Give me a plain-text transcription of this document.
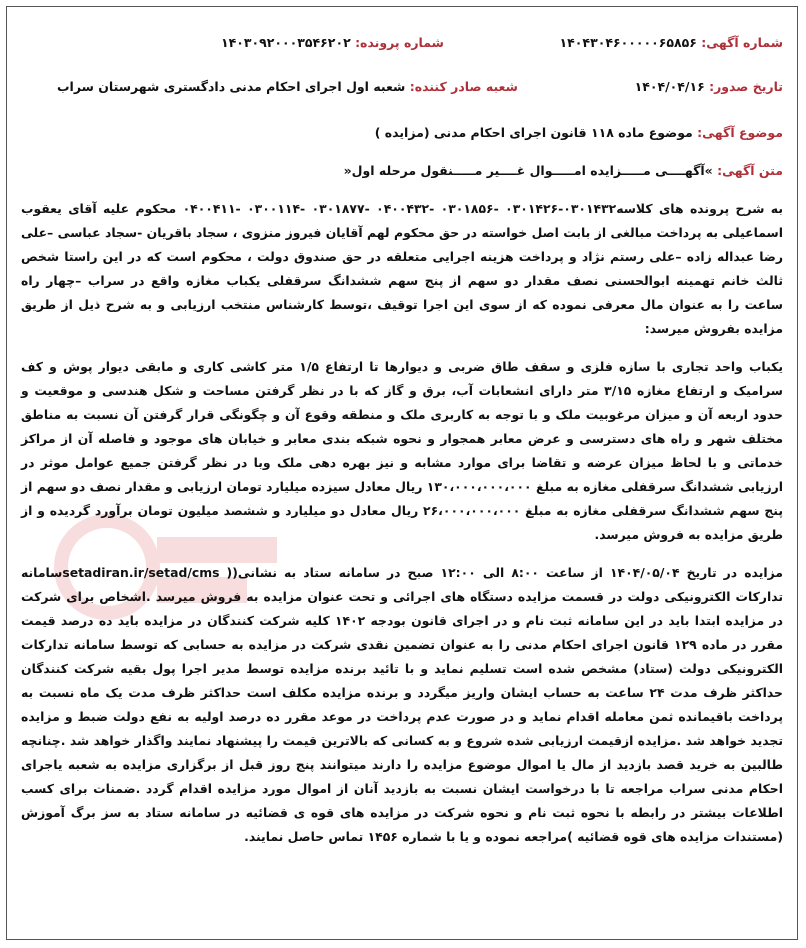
شماره آگهی: ۱۴۰۴۳۰۴۶۰۰۰۰۰۶۵۸۵۶
شماره پرونده: ۱۴۰۳۰۹۲۰۰۰۳۵۴۶۲۰۲
تاریخ صدور: ۱۴۰۴/۰۴/۱۶
شعبه صادر کننده: شعبه اول اجرای احکام مدنی دادگستری شهرستان سراب
موضوع آگهی: موضوع ماده ۱۱۸ قانون اجرای احکام مدنی (مزایده )
متن آگهی: »آگهــــی مـــــزایده امـــــوال غــــیر مـــــنقول مرحله اول«

به شرح پرونده های کلاسه۰۳۰۱۴۳۲-۰۳۰۱۴۲۶ -۰۳۰۱۸۵۶ -۰۴۰۰۴۳۲ -۰۳۰۱۸۷۷ -۰۳۰۰۱۱۴ -۰۴۰۰۴۱۱ محکوم علیه آقای یعقوب اسماعیلی به پرداخت مبالغی از بابت اصل خواسته در حق محکوم لهم آقایان فیروز منزوی ، سجاد باقریان -سجاد عباسی –علی رضا عبداله زاده –علی رستم نژاد و پرداخت هزینه اجرایی متعلقه در حق صندوق دولت ، محکوم است که در این راستا شخص ثالث خانم تهمینه ابوالحسنی نصف مقدار دو سهم از پنج سهم ششدانگ سرقفلی یکباب مغازه واقع در سراب –چهار راه ساعت را به عنوان مال معرفی نموده که از سوی این اجرا توقیف ،توسط کارشناس منتخب ارزیابی و به شرح ذیل از طریق مزایده بفروش میرسد:

یکباب واحد تجاری با سازه فلزی و سقف طاق ضربی و دیوارها تا ارتفاع ۱/۵ متر کاشی کاری و مابقی دیوار پوش و کف سرامیک و ارتفاع مغازه ۳/۱۵ متر دارای انشعابات آب، برق و گاز که با در نظر گرفتن مساحت و شکل هندسی و موقعیت و حدود اربعه آن و میزان مرغوبیت ملک و با توجه به کاربری ملک و منطقه وقوع آن و چگونگی قرار گرفتن آن نسبت به مناطق مختلف شهر و راه های دسترسی و عرض معابر همجوار و نحوه شبکه بندی معابر و خیابان های موجود و فاصله آن از مراکز خدماتی و با لحاظ میزان عرضه و تقاضا برای موارد مشابه و نیز بهره دهی ملک وبا در نظر گرفتن جمیع عوامل موثر در ارزیابی ششدانگ سرقفلی مغازه به مبلغ ۱۳۰،۰۰۰،۰۰۰،۰۰۰ ریال معادل سیزده میلیارد تومان ارزیابی و مقدار نصف دو سهم از پنج سهم ششدانگ سرقفلی مغازه به مبلغ ۲۶،۰۰۰،۰۰۰،۰۰۰ ریال معادل دو میلیارد و ششصد میلیون تومان برآورد گردیده و از طریق مزایده به فروش میرسد.

مزایده در تاریخ ۱۴۰۴/۰۵/۰۴ از ساعت ۸:۰۰ الی ۱۲:۰۰ صبح در سامانه ستاد به نشانی(( setadiran.ir/setad/cmsسامانه تدارکات الکترونیکی دولت در قسمت مزایده دستگاه های اجرائی و تحت عنوان مزایده به فروش میرسد .اشخاص برای شرکت در مزایده ابتدا باید در این سامانه ثبت نام و در اجرای قانون بودجه ۱۴۰۲ کلیه شرکت کنندگان در مزایده باید ده درصد قیمت مقرر در ماده ۱۲۹ قانون اجرای احکام مدنی را به عنوان تضمین نقدی شرکت در مزایده به حسابی که توسط سامانه تدارکات الکترونیکی دولت (ستاد) مشخص شده است تسلیم نماید و با تائید برنده مزایده توسط مدیر اجرا پول بقیه شرکت کنندگان حداکثر ظرف مدت ۲۴ ساعت به حساب ایشان واریز میگردد و برنده مزایده مکلف است حداکثر ظرف مدت یک ماه نسبت به پرداخت باقیمانده ثمن معامله اقدام نماید و در صورت عدم پرداخت در موعد مقرر ده درصد اولیه به نفع دولت ضبط و مزایده تجدید خواهد شد .مزایده ازقیمت ارزیابی شده شروع و به کسانی که بالاترین قیمت را پیشنهاد نمایند واگذار خواهد شد .چنانچه طالبین به خرید قصد بازدید از مال یا اموال موضوع مزایده را دارند میتوانند پنج روز قبل از برگزاری مزایده به شعبه یاجرای احکام مدنی سراب مراجعه تا با درخواست ایشان نسبت به بازدید آنان از اموال مورد مزایده اقدام گردد .ضمنات برای کسب اطلاعات بیشتر در رابطه با نحوه ثبت نام و نحوه شرکت در مزایده های قوه ی قضائیه در سامانه ستاد به سز برگ آموزش (مستندات مزایده های قوه قضائیه )مراجعه نموده و یا با شماره ۱۴۵۶ تماس حاصل نمایند.
